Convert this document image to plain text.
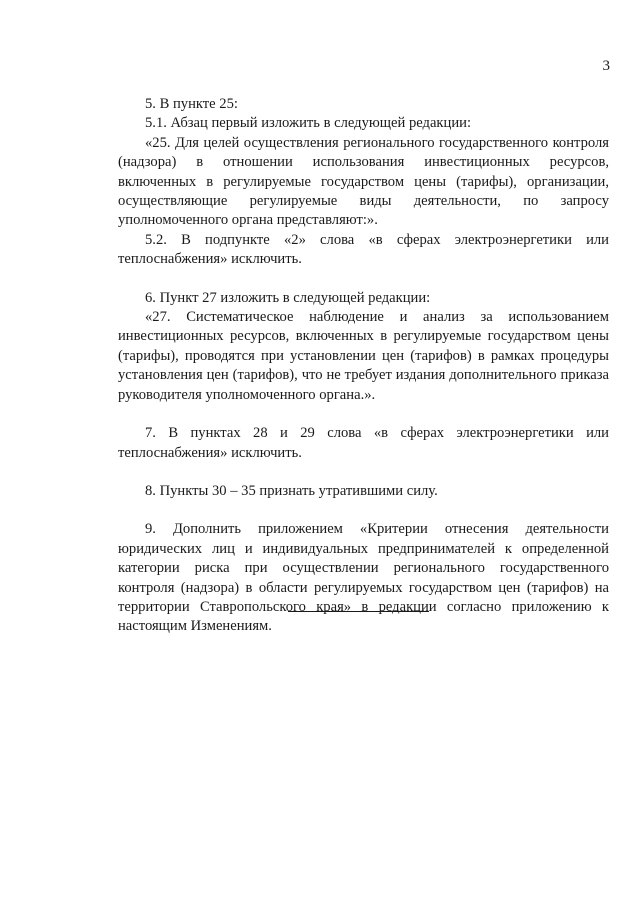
3

5. В пункте 25:

5.1. Абзац первый изложить в следующей редакции:

«25. Для целей осуществления регионального государственного контроля (надзора) в отношении использования инвестиционных ресурсов, включенных в регулируемые государством цены (тарифы), организации, осуществляющие регулируемые виды деятельности, по запросу уполномоченного органа представляют:».

5.2. В подпункте «2» слова «в сферах электроэнергетики или теплоснабжения» исключить.

6. Пункт 27 изложить в следующей редакции:

«27. Систематическое наблюдение и анализ за использованием инвестиционных ресурсов, включенных в регулируемые государством цены (тарифы), проводятся при установлении цен (тарифов) в рамках процедуры установления цен (тарифов), что не требует издания дополнительного приказа руководителя уполномоченного органа.».

7. В пунктах 28 и 29 слова «в сферах электроэнергетики или теплоснабжения» исключить.

8. Пункты 30 – 35 признать утратившими силу.

9. Дополнить приложением «Критерии отнесения деятельности юридических лиц и индивидуальных предпринимателей к определенной категории риска при осуществлении регионального государственного контроля (надзора) в области регулируемых государством цен (тарифов) на территории Ставропольского края» в редакции согласно приложению к настоящим Изменениям.
